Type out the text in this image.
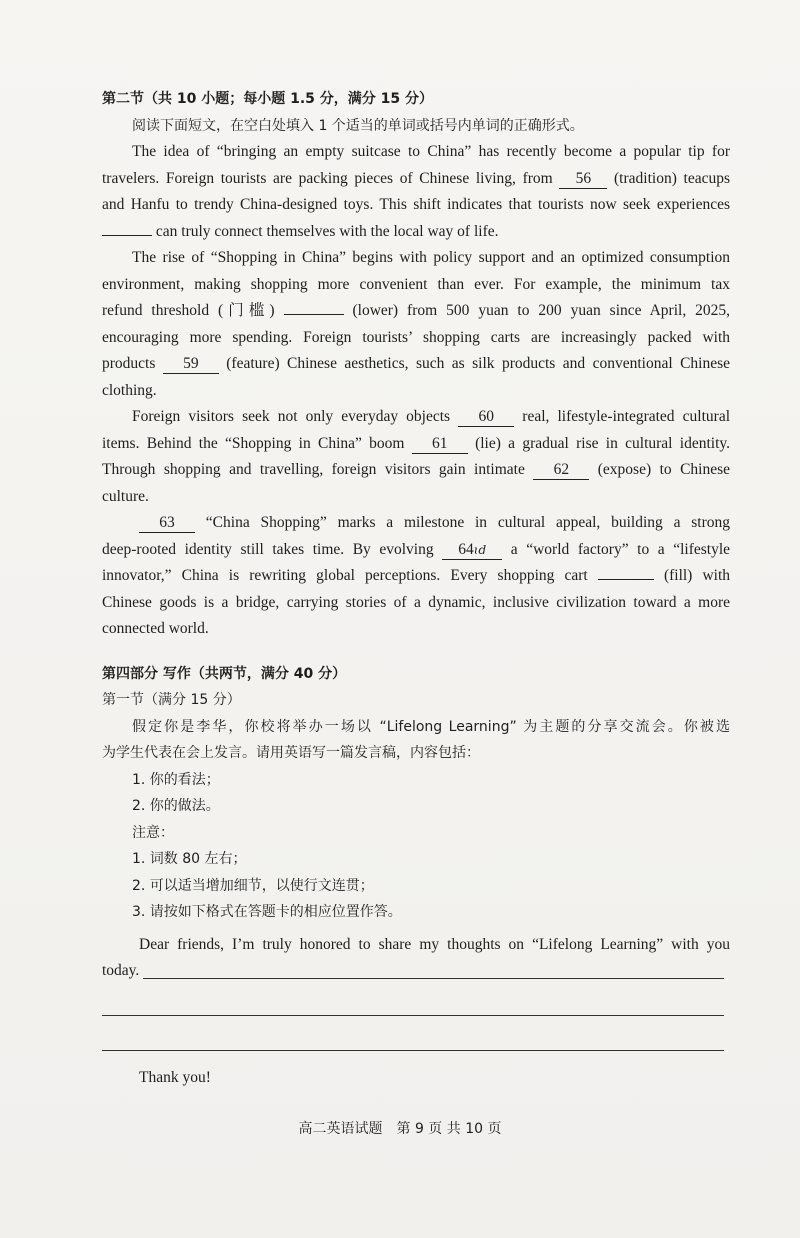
第二节（共 10 小题；每小题 1.5 分，满分 15 分）
阅读下面短文，在空白处填入 1 个适当的单词或括号内单词的正确形式。
The idea of “bringing an empty suitcase to China” has recently become a popular tip for
travelers. Foreign tourists are packing pieces of Chinese living, from 56 (tradition) teacups
and Hanfu to trendy China-designed toys. This shift indicates that tourists now seek experiences
can truly connect themselves with the local way of life.
The rise of “Shopping in China” begins with policy support and an optimized consumption
environment, making shopping more convenient than ever. For example, the minimum tax
refund threshold (门槛)	(lower) from 500 yuan to 200 yuan since April, 2025,
encouraging more spending. Foreign tourists’ shopping carts are increasingly packed with
products 59 (feature) Chinese aesthetics, such as silk products and conventional Chinese
clothing.
Foreign visitors seek not only everyday objects 60 real, lifestyle-integrated cultural
items. Behind the “Shopping in China” boom 61 (lie) a gradual rise in cultural identity.
Through shopping and travelling, foreign visitors gain intimate 62 (expose) to Chinese
culture.
63 “China Shopping” marks a milestone in cultural appeal, building a strong
deep-rooted identity still takes time. By evolving 64ɩd a “world factory” to a “lifestyle
innovator,” China is rewriting global perceptions. Every shopping cart	(fill) with
Chinese goods is a bridge, carrying stories of a dynamic, inclusive civilization toward a more
connected world.
第四部分 写作（共两节，满分 40 分）
第一节（满分 15 分）
假定你是李华，你校将举办一场以 “Lifelong Learning” 为主题的分享交流会。你被选
为学生代表在会上发言。请用英语写一篇发言稿，内容包括：
1. 你的看法；
2. 你的做法。
注意：
1. 词数 80 左右；
2. 可以适当增加细节，以使行文连贯；
3. 请按如下格式在答题卡的相应位置作答。
Dear friends, I’m truly honored to share my thoughts on “Lifelong Learning” with you
today.
Thank you!
高二英语试题　第 9 页 共 10 页
